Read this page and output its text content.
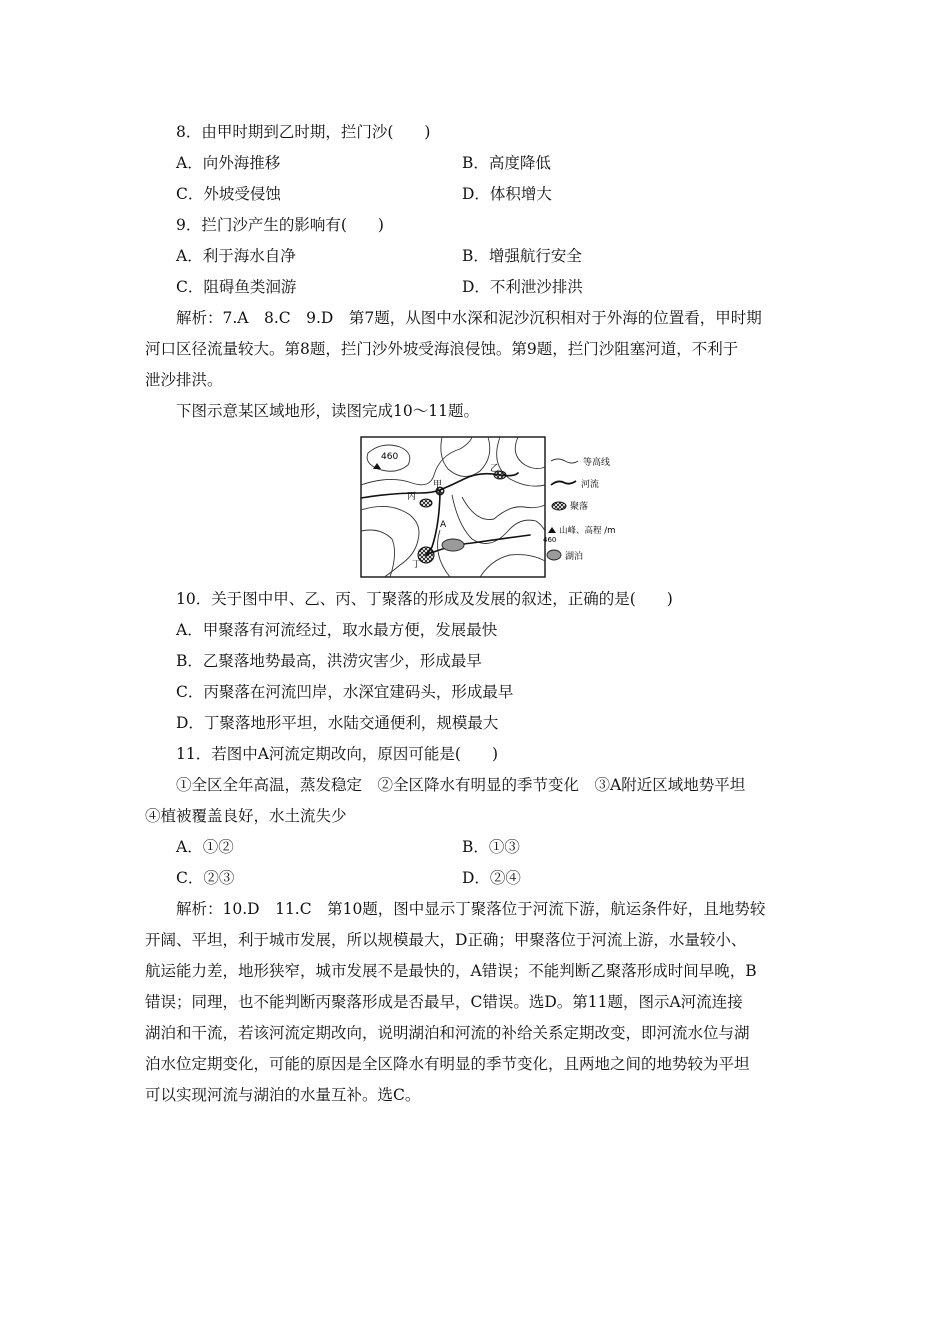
8．由甲时期到乙时期，拦门沙(　　)
A．向外海推移	B．高度降低
C．外坡受侵蚀	D．体积增大
9．拦门沙产生的影响有(　　)
A．利于海水自净	B．增强航行安全
C．阻碍鱼类洄游	D．不利泄沙排洪
解析：7.A　8.C　9.D　第7题，从图中水深和泥沙沉积相对于外海的位置看，甲时期
河口区径流量较大。第8题，拦门沙外坡受海浪侵蚀。第9题，拦门沙阻塞河道，不利于
泄沙排洪。
下图示意某区域地形，读图完成10～11题。
460
甲
乙
丙
丁
A
等高线
河流
聚落
山峰、高程 /m
460
湖泊
10．关于图中甲、乙、丙、丁聚落的形成及发展的叙述，正确的是(　　)
A．甲聚落有河流经过，取水最方便，发展最快
B．乙聚落地势最高，洪涝灾害少，形成最早
C．丙聚落在河流凹岸，水深宜建码头，形成最早
D．丁聚落地形平坦，水陆交通便利，规模最大
11．若图中A河流定期改向，原因可能是(　　)
①全区全年高温，蒸发稳定　②全区降水有明显的季节变化　③A附近区域地势平坦
④植被覆盖良好，水土流失少
A．①②	B．①③
C．②③	D．②④
解析：10.D　11.C　第10题，图中显示丁聚落位于河流下游，航运条件好，且地势较
开阔、平坦，利于城市发展，所以规模最大，D正确；甲聚落位于河流上游，水量较小、
航运能力差，地形狭窄，城市发展不是最快的，A错误；不能判断乙聚落形成时间早晚，B
错误；同理，也不能判断丙聚落形成是否最早，C错误。选D。第11题，图示A河流连接
湖泊和干流，若该河流定期改向，说明湖泊和河流的补给关系定期改变，即河流水位与湖
泊水位定期变化，可能的原因是全区降水有明显的季节变化，且两地之间的地势较为平坦
可以实现河流与湖泊的水量互补。选C。
